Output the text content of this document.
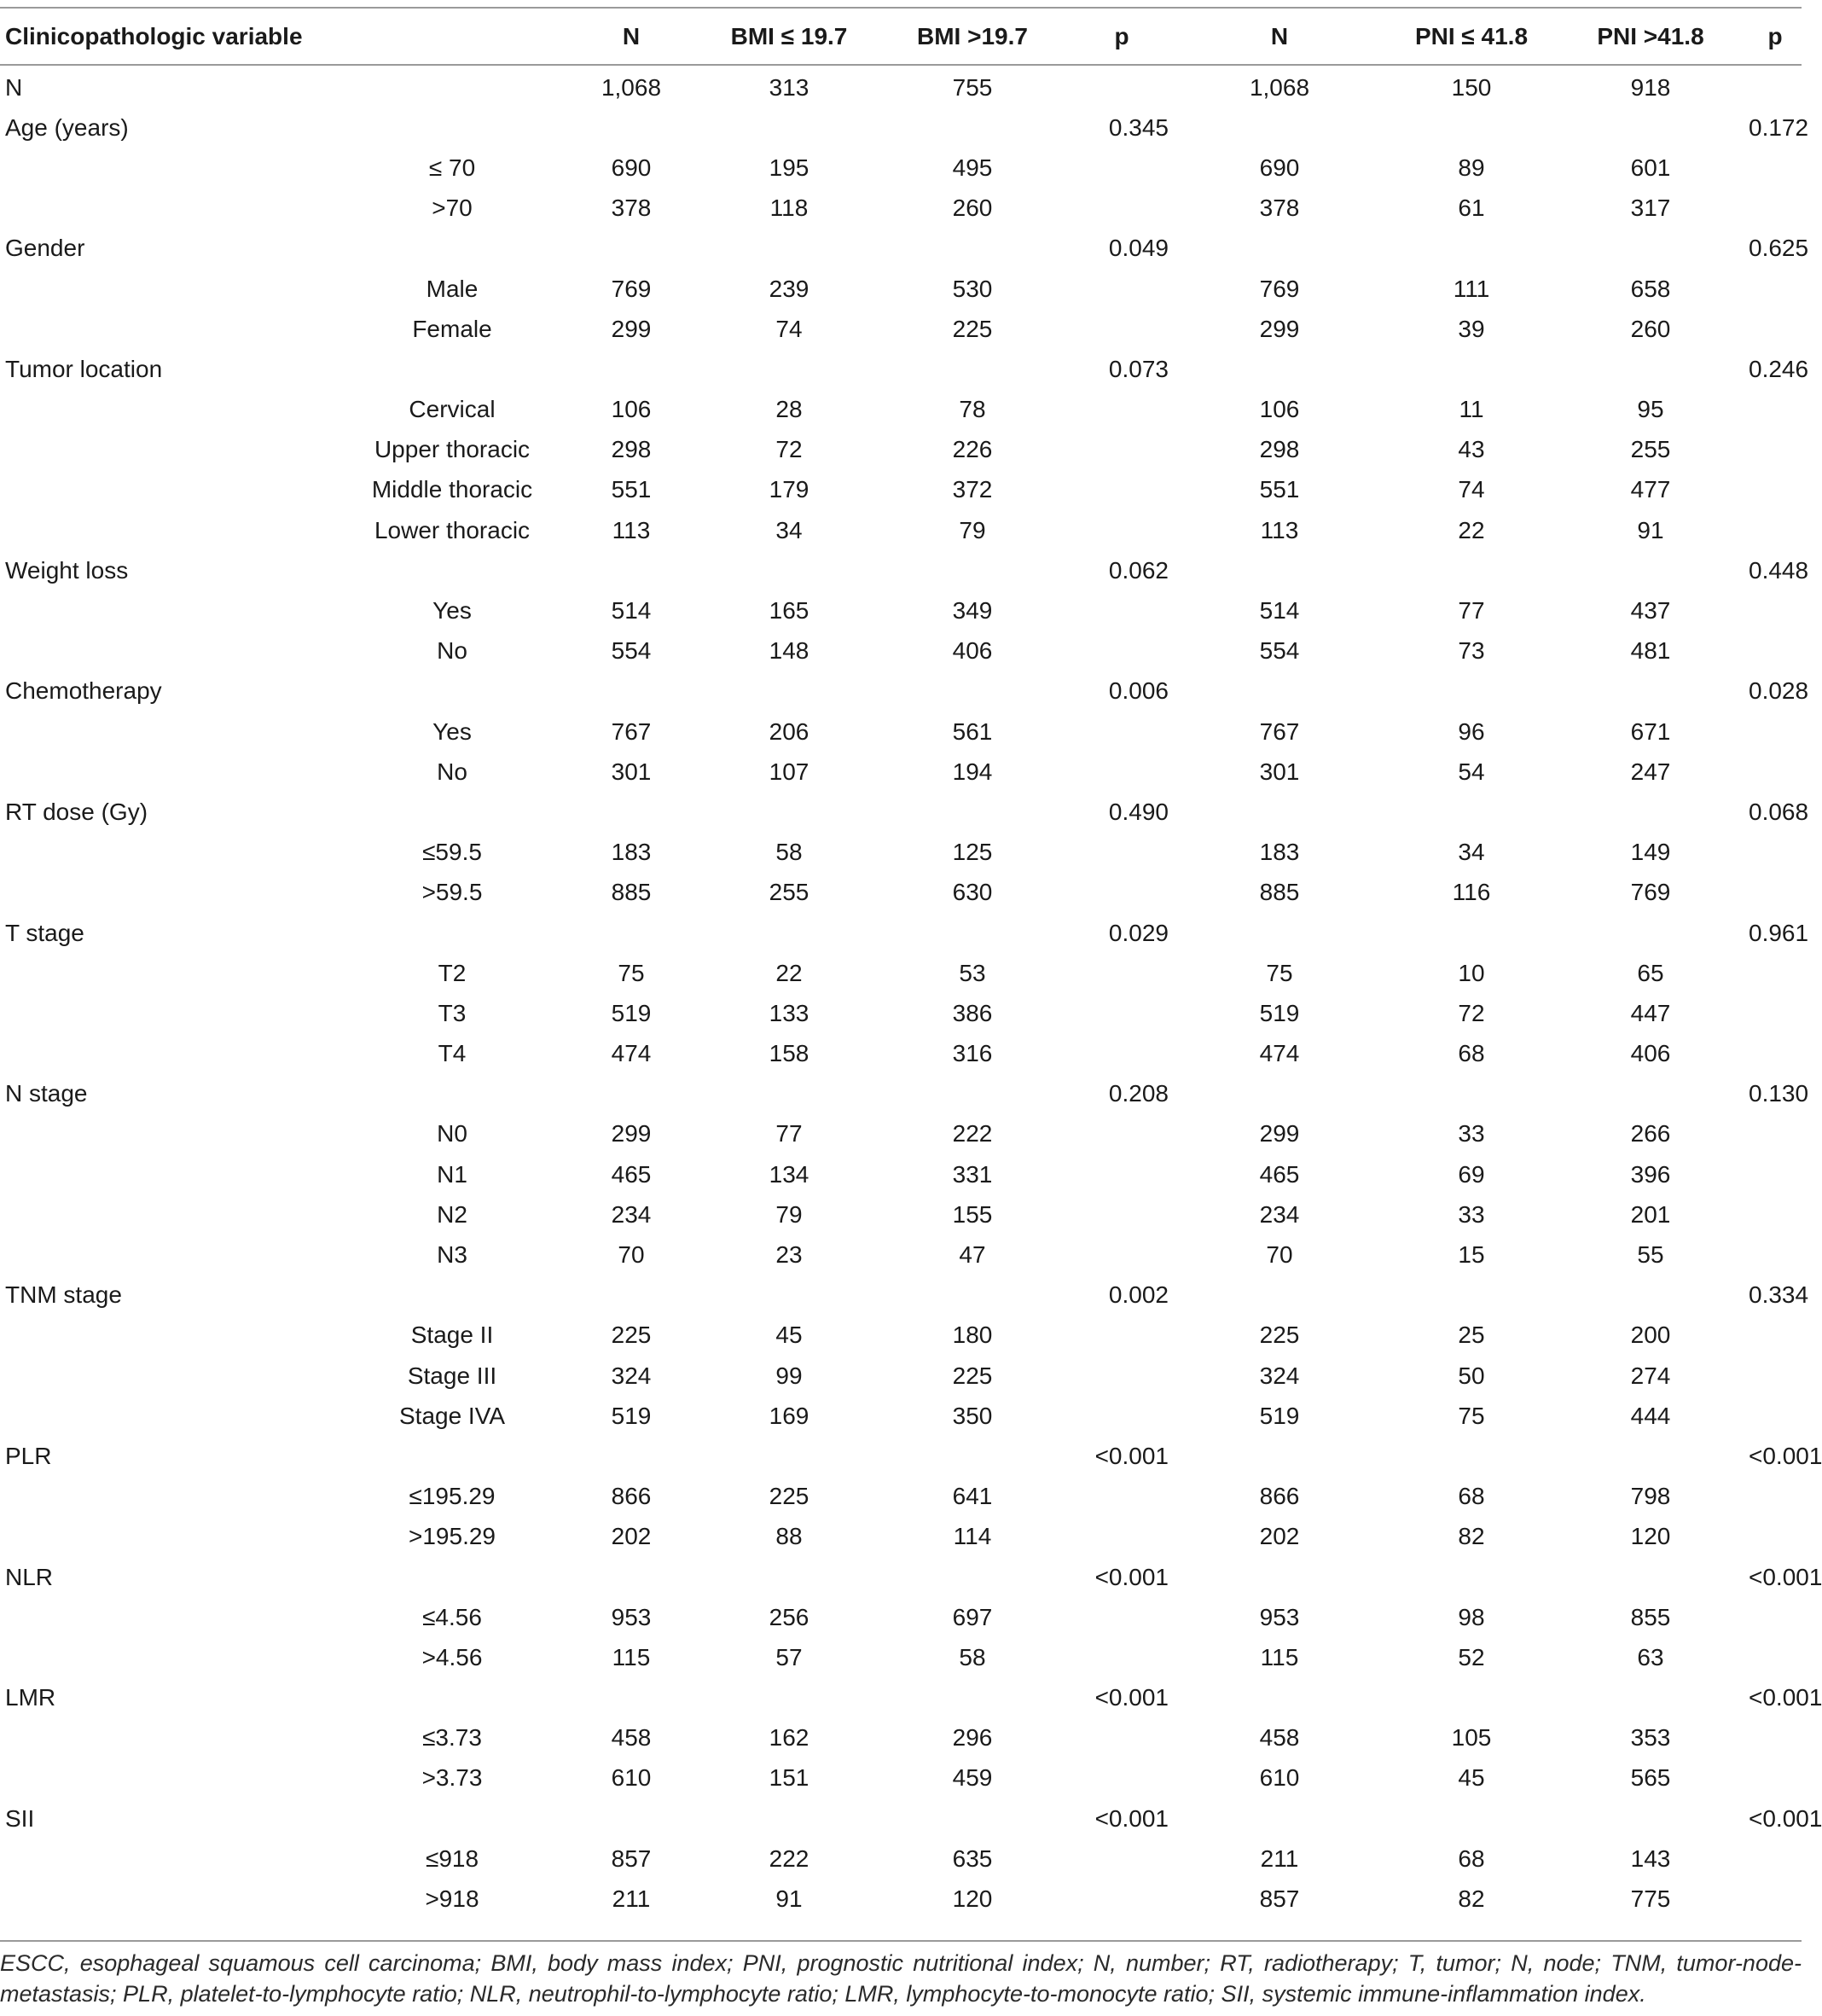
Clinicopathologic variable		N	BMI ≤ 19.7	BMI >19.7	p	N	PNI ≤ 41.8	PNI >41.8	p
N		1,068	313	755		1,068	150	918	
Age (years)					0.345				0.172
	≤ 70	690	195	495		690	89	601	
	>70	378	118	260		378	61	317	
Gender					0.049				0.625
	Male	769	239	530		769	111	658	
	Female	299	74	225		299	39	260	
Tumor location					0.073				0.246
	Cervical	106	28	78		106	11	95	
	Upper thoracic	298	72	226		298	43	255	
	Middle thoracic	551	179	372		551	74	477	
	Lower thoracic	113	34	79		113	22	91	
Weight loss					0.062				0.448
	Yes	514	165	349		514	77	437	
	No	554	148	406		554	73	481	
Chemotherapy					0.006				0.028
	Yes	767	206	561		767	96	671	
	No	301	107	194		301	54	247	
RT dose (Gy)					0.490				0.068
	≤59.5	183	58	125		183	34	149	
	>59.5	885	255	630		885	116	769	
T stage					0.029				0.961
	T2	75	22	53		75	10	65	
	T3	519	133	386		519	72	447	
	T4	474	158	316		474	68	406	
N stage					0.208				0.130
	N0	299	77	222		299	33	266	
	N1	465	134	331		465	69	396	
	N2	234	79	155		234	33	201	
	N3	70	23	47		70	15	55	
TNM stage					0.002				0.334
	Stage II	225	45	180		225	25	200	
	Stage III	324	99	225		324	50	274	
	Stage IVA	519	169	350		519	75	444	
PLR					<0.001				<0.001
	≤195.29	866	225	641		866	68	798	
	>195.29	202	88	114		202	82	120	
NLR					<0.001				<0.001
	≤4.56	953	256	697		953	98	855	
	>4.56	115	57	58		115	52	63	
LMR					<0.001				<0.001
	≤3.73	458	162	296		458	105	353	
	>3.73	610	151	459		610	45	565	
SII					<0.001				<0.001
	≤918	857	222	635		211	68	143	
	>918	211	91	120		857	82	775	
ESCC, esophageal squamous cell carcinoma; BMI, body mass index; PNI, prognostic nutritional index; N, number; RT, radiotherapy; T, tumor; N, node; TNM, tumor-node-metastasis; PLR, platelet-to-lymphocyte ratio; NLR, neutrophil-to-lymphocyte ratio; LMR, lymphocyte-to-monocyte ratio; SII, systemic immune-inflammation index.
